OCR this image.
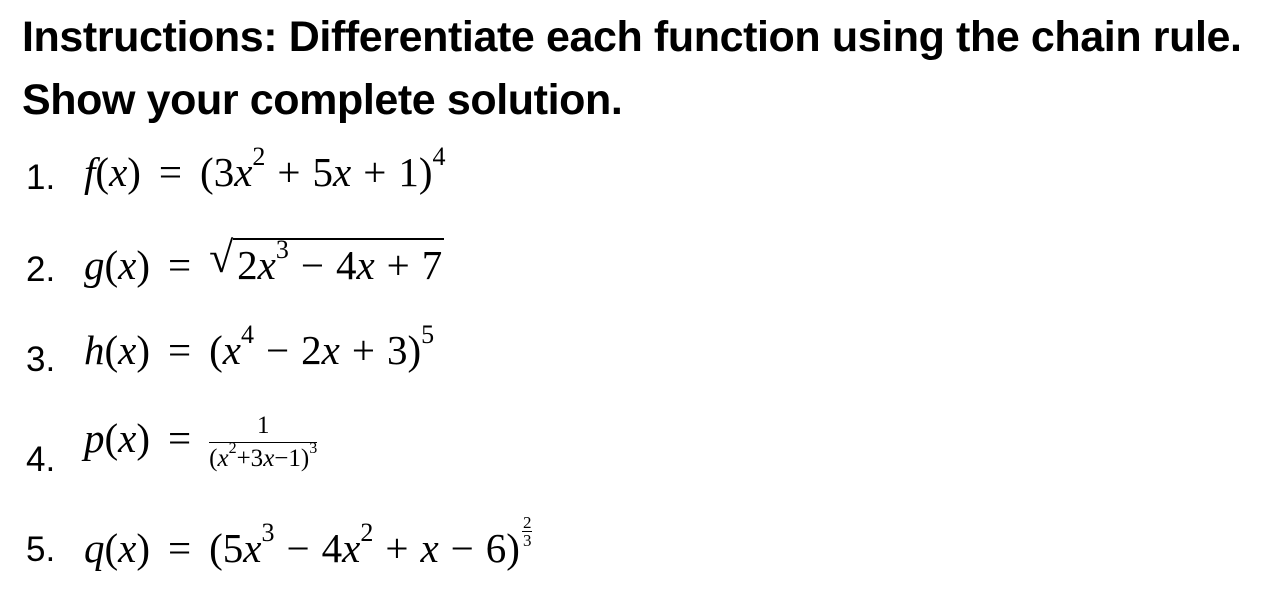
Instructions: Differentiate each function using the chain rule. Show your complete solution.

1. $f(x) = (3x^2 + 5x + 1)^4$
2. g(x) = √ $2x^3 - 4x + 7$
3. $h(x) = (x^4 - 2x + 3)^5$
4. $p(x) = \frac{1}{(x^2+3x-1)^3}$
5. $q(x) = (5x^3 - 4x^2 + x - 6) \frac{2}{3}$
